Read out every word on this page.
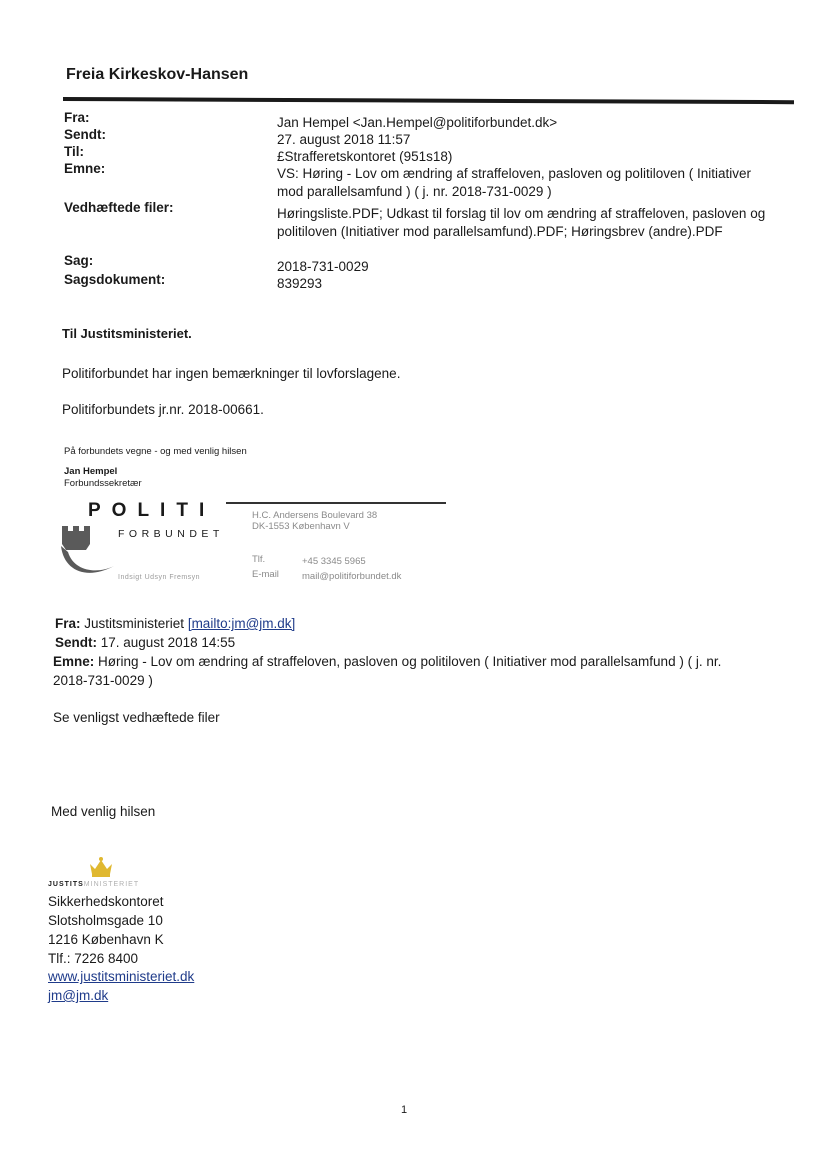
Freia Kirkeskov-Hansen
Fra:
Sendt:
Til:
Emne:
Vedhæftede filer:
Sag:
Sagsdokument:
Jan Hempel <Jan.Hempel@politiforbundet.dk>
27. august 2018 11:57
£Strafferetskontoret (951s18)
VS: Høring - Lov om ændring af straffeloven, pasloven og politiloven ( Initiativer
mod parallelsamfund ) ( j. nr. 2018-731-0029 )
Høringsliste.PDF; Udkast til forslag til lov om ændring af straffeloven, pasloven og
politiloven (Initiativer mod parallelsamfund).PDF; Høringsbrev (andre).PDF
2018-731-0029
839293
Til Justitsministeriet.
Politiforbundet har ingen bemærkninger til lovforslagene.
Politiforbundets jr.nr. 2018-00661.
På forbundets vegne - og med venlig hilsen
Jan Hempel
Forbundssekretær
POLITI
FORBUNDET
Indsigt Udsyn Fremsyn
H.C. Andersens Boulevard 38
DK-1553 København V
Tlf.	+45 3345 5965
E-mail mail@politiforbundet.dk
Fra: Justitsministeriet [mailto:jm@jm.dk]
Sendt: 17. august 2018 14:55
Emne: Høring - Lov om ændring af straffeloven, pasloven og politiloven ( Initiativer mod parallelsamfund ) ( j. nr.
2018-731-0029 )
Se venligst vedhæftede filer
Med venlig hilsen
JUSTITSMINISTERIET
Sikkerhedskontoret
Slotsholmsgade 10
1216 København K
Tlf.: 7226 8400
www.justitsministeriet.dk
jm@jm.dk
1
